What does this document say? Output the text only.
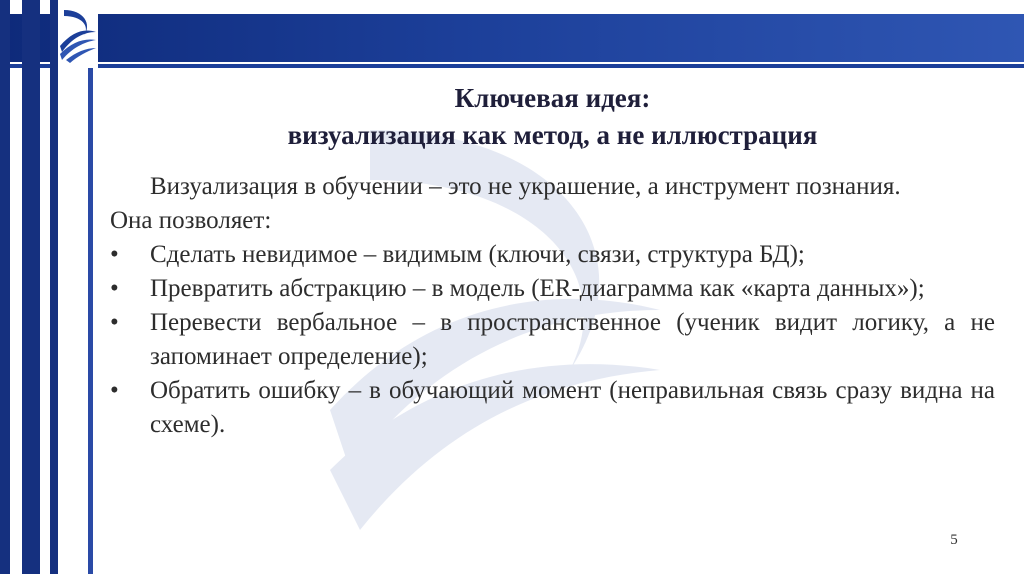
Ключевая идея:
визуализация как метод, а не иллюстрация
Визуализация в обучении – это не украшение, а инструмент познания.
Она позволяет:
•	Сделать невидимое – видимым (ключи, связи, структура БД);
•	Превратить абстракцию – в модель (ER-диаграмма как «карта данных»);
•	Перевести вербальное – в пространственное (ученик видит логику, а не запоминает определение);
•	Обратить ошибку – в обучающий момент (неправильная связь сразу видна на схеме).
5
